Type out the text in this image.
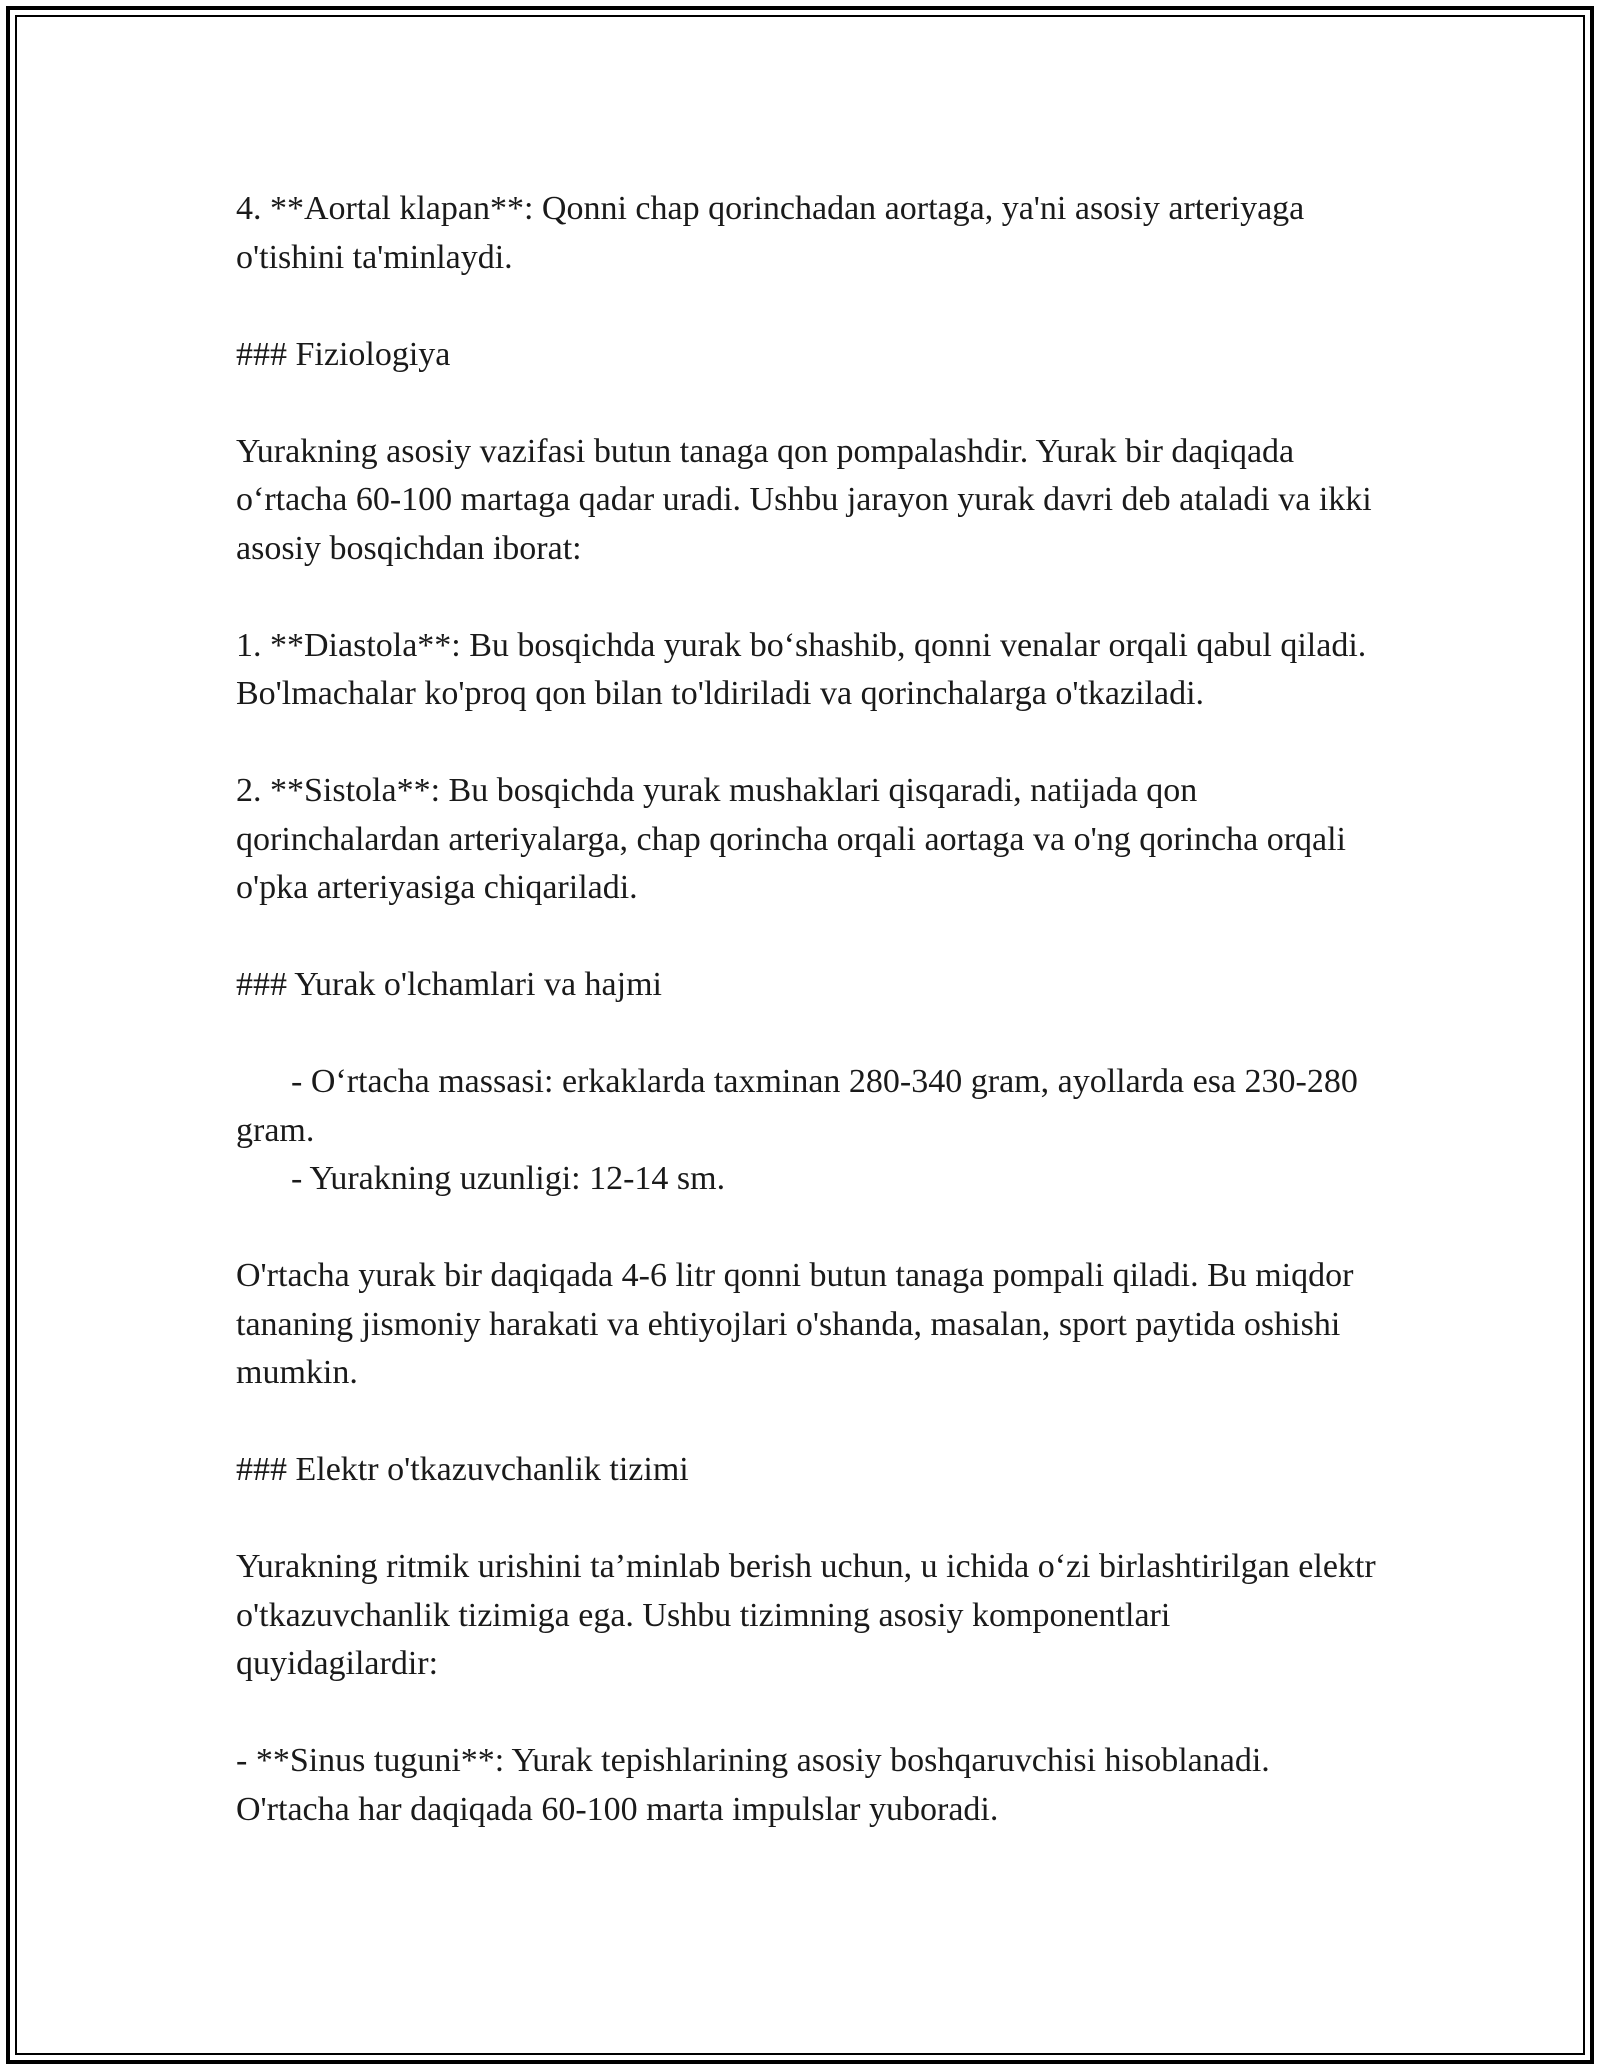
4. **Aortal klapan**: Qonni chap qorinchadan aortaga, ya'ni asosiy arteriyaga o'tishini ta'minlaydi.

### Fiziologiya

Yurakning asosiy vazifasi butun tanaga qon pompalashdir. Yurak bir daqiqada o‘rtacha 60-100 martaga qadar uradi. Ushbu jarayon yurak davri deb ataladi va ikki asosiy bosqichdan iborat:

1. **Diastola**: Bu bosqichda yurak bo‘shashib, qonni venalar orqali qabul qiladi. Bo'lmachalar ko'proq qon bilan to'ldiriladi va qorinchalarga o'tkaziladi.

2. **Sistola**: Bu bosqichda yurak mushaklari qisqaradi, natijada qon qorinchalardan arteriyalarga, chap qorincha orqali aortaga va o'ng qorincha orqali o'pka arteriyasiga chiqariladi.

### Yurak o'lchamlari va hajmi

- O‘rtacha massasi: erkaklarda taxminan 280-340 gram, ayollarda esa 230-280 gram.
- Yurakning uzunligi: 12-14 sm.

O'rtacha yurak bir daqiqada 4-6 litr qonni butun tanaga pompali qiladi. Bu miqdor tananing jismoniy harakati va ehtiyojlari o'shanda, masalan, sport paytida oshishi mumkin.

### Elektr o'tkazuvchanlik tizimi

Yurakning ritmik urishini ta’minlab berish uchun, u ichida o‘zi birlashtirilgan elektr o'tkazuvchanlik tizimiga ega. Ushbu tizimning asosiy komponentlari quyidagilardir:

- **Sinus tuguni**: Yurak tepishlarining asosiy boshqaruvchisi hisoblanadi. O'rtacha har daqiqada 60-100 marta impulslar yuboradi.
